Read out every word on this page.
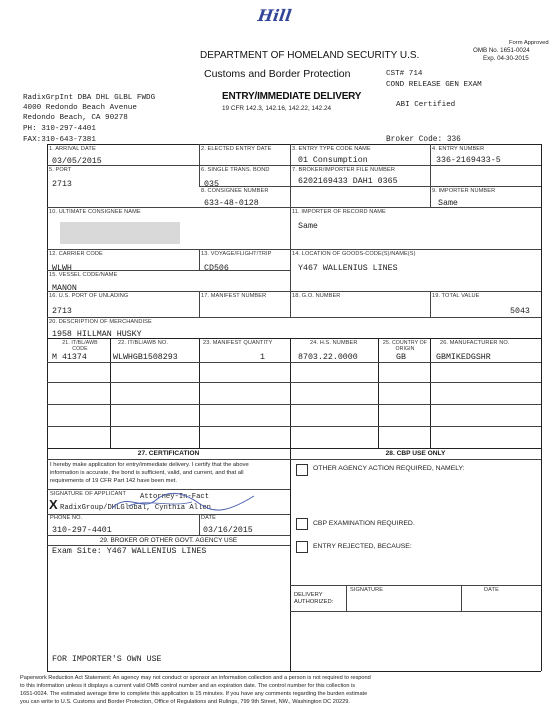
Hill
Form Approved
OMB No. 1651-0024
Exp. 04-30-2015
DEPARTMENT OF HOMELAND SECURITY U.S.
Customs and Border Protection	CST# 714
COND RELEASE GEN EXAM
RadixGrpInt DBA DHL GLBL FWDG
4000 Redondo Beach Avenue
Redondo Beach, CA 90278
PH: 310-297-4401
FAX:310-643-7381
ENTRY/IMMEDIATE DELIVERY
19 CFR 142.3, 142.16, 142.22, 142.24	ABI Certified
Broker Code: 336
1. ARRIVAL DATE
03/05/2015
2. ELECTED ENTRY DATE	3. ENTRY TYPE CODE NAME
01 Consumption
4. ENTRY NUMBER
336-2169433-5
5. PORT
2713
6. SINGLE TRANS. BOND
035
7. BROKER/IMPORTER FILE NUMBER
6202169433 DAH1 0365
8. CONSIGNEE NUMBER
633-48-0128
9. IMPORTER NUMBER
Same
10. ULTIMATE CONSIGNEE NAME	11. IMPORTER OF RECORD NAME
Same
12. CARRIER CODE
WLWH
13. VOYAGE/FLIGHT/TRIP
CD506
14. LOCATION OF GOODS-CODE(S)/NAME(S)
Y467 WALLENIUS LINES
15. VESSEL CODE/NAME
MANON
16. U.S. PORT OF UNLADING
2713
17. MANIFEST NUMBER	18. G.O. NUMBER	19. TOTAL VALUE
5043
20. DESCRIPTION OF MERCHANDISE
1958 HILLMAN HUSKY
21. IT/BL/AWB CODE
22. IT/BL/AWB NO.	23. MANIFEST QUANTITY	24. H.S. NUMBER	25. COUNTRY OF ORIGIN
26. MANUFACTURER NO.
M 41374	WLWHGB1508293	1	8703.22.0000	GB	GBMIKEDGSHR
27. CERTIFICATION	28. CBP USE ONLY
I hereby make application for entry/immediate delivery. I certify that the above
information is accurate, the bond is sufficient, valid, and current, and that all
requirements of 19 CFR Part 142 have been met.
SIGNATURE OF APPLICANT
X RadixGroup/DHLGlobal, Cynthia Allen
Attorney-In-Fact
PHONE NO.
310-297-4401
DATE
03/16/2015
29. BROKER OR OTHER GOVT. AGENCY USE
Exam Site: Y467 WALLENIUS LINES
OTHER AGENCY ACTION REQUIRED, NAMELY:
CBP EXAMINATION REQUIRED.
ENTRY REJECTED, BECAUSE:
DELIVERY AUTHORIZED:
SIGNATURE	DATE
FOR IMPORTER'S OWN USE
Paperwork Reduction Act Statement: An agency may not conduct or sponsor an information collection and a person is not required to respond
to this information unless it displays a current valid OMB control number and an expiration date. The control number for this collection is
1651-0024. The estimated average time to complete this application is 15 minutes. If you have any comments regarding the burden estimate
you can write to U.S. Customs and Border Protection, Office of Regulations and Rulings, 799 9th Street, NW., Washington DC 20229.
